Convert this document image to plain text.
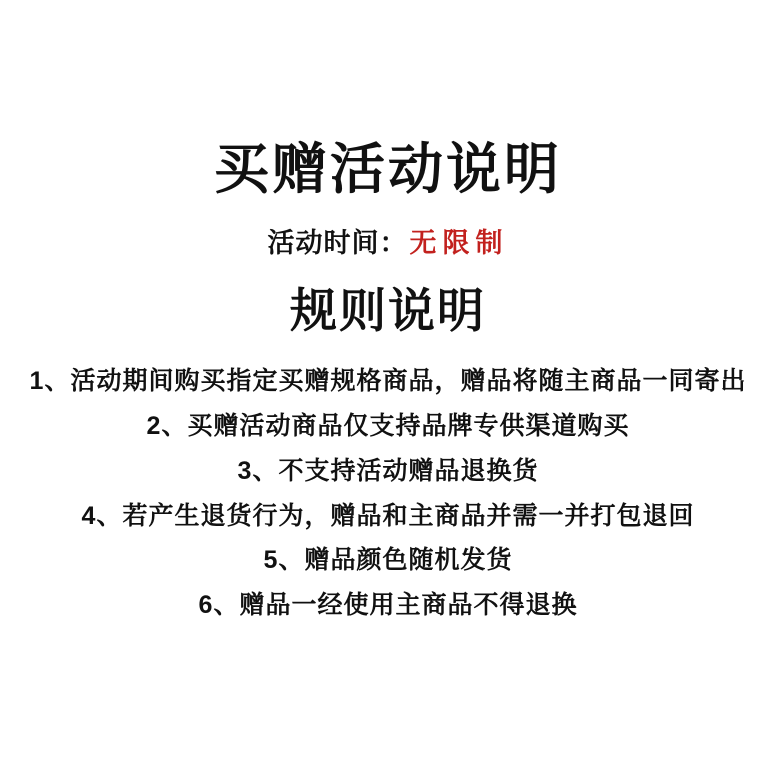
买赠活动说明

活动时间：无限制

规则说明

1、活动期间购买指定买赠规格商品，赠品将随主商品一同寄出

2、买赠活动商品仅支持品牌专供渠道购买

3、不支持活动赠品退换货

4、若产生退货行为，赠品和主商品并需一并打包退回

5、赠品颜色随机发货

6、赠品一经使用主商品不得退换
